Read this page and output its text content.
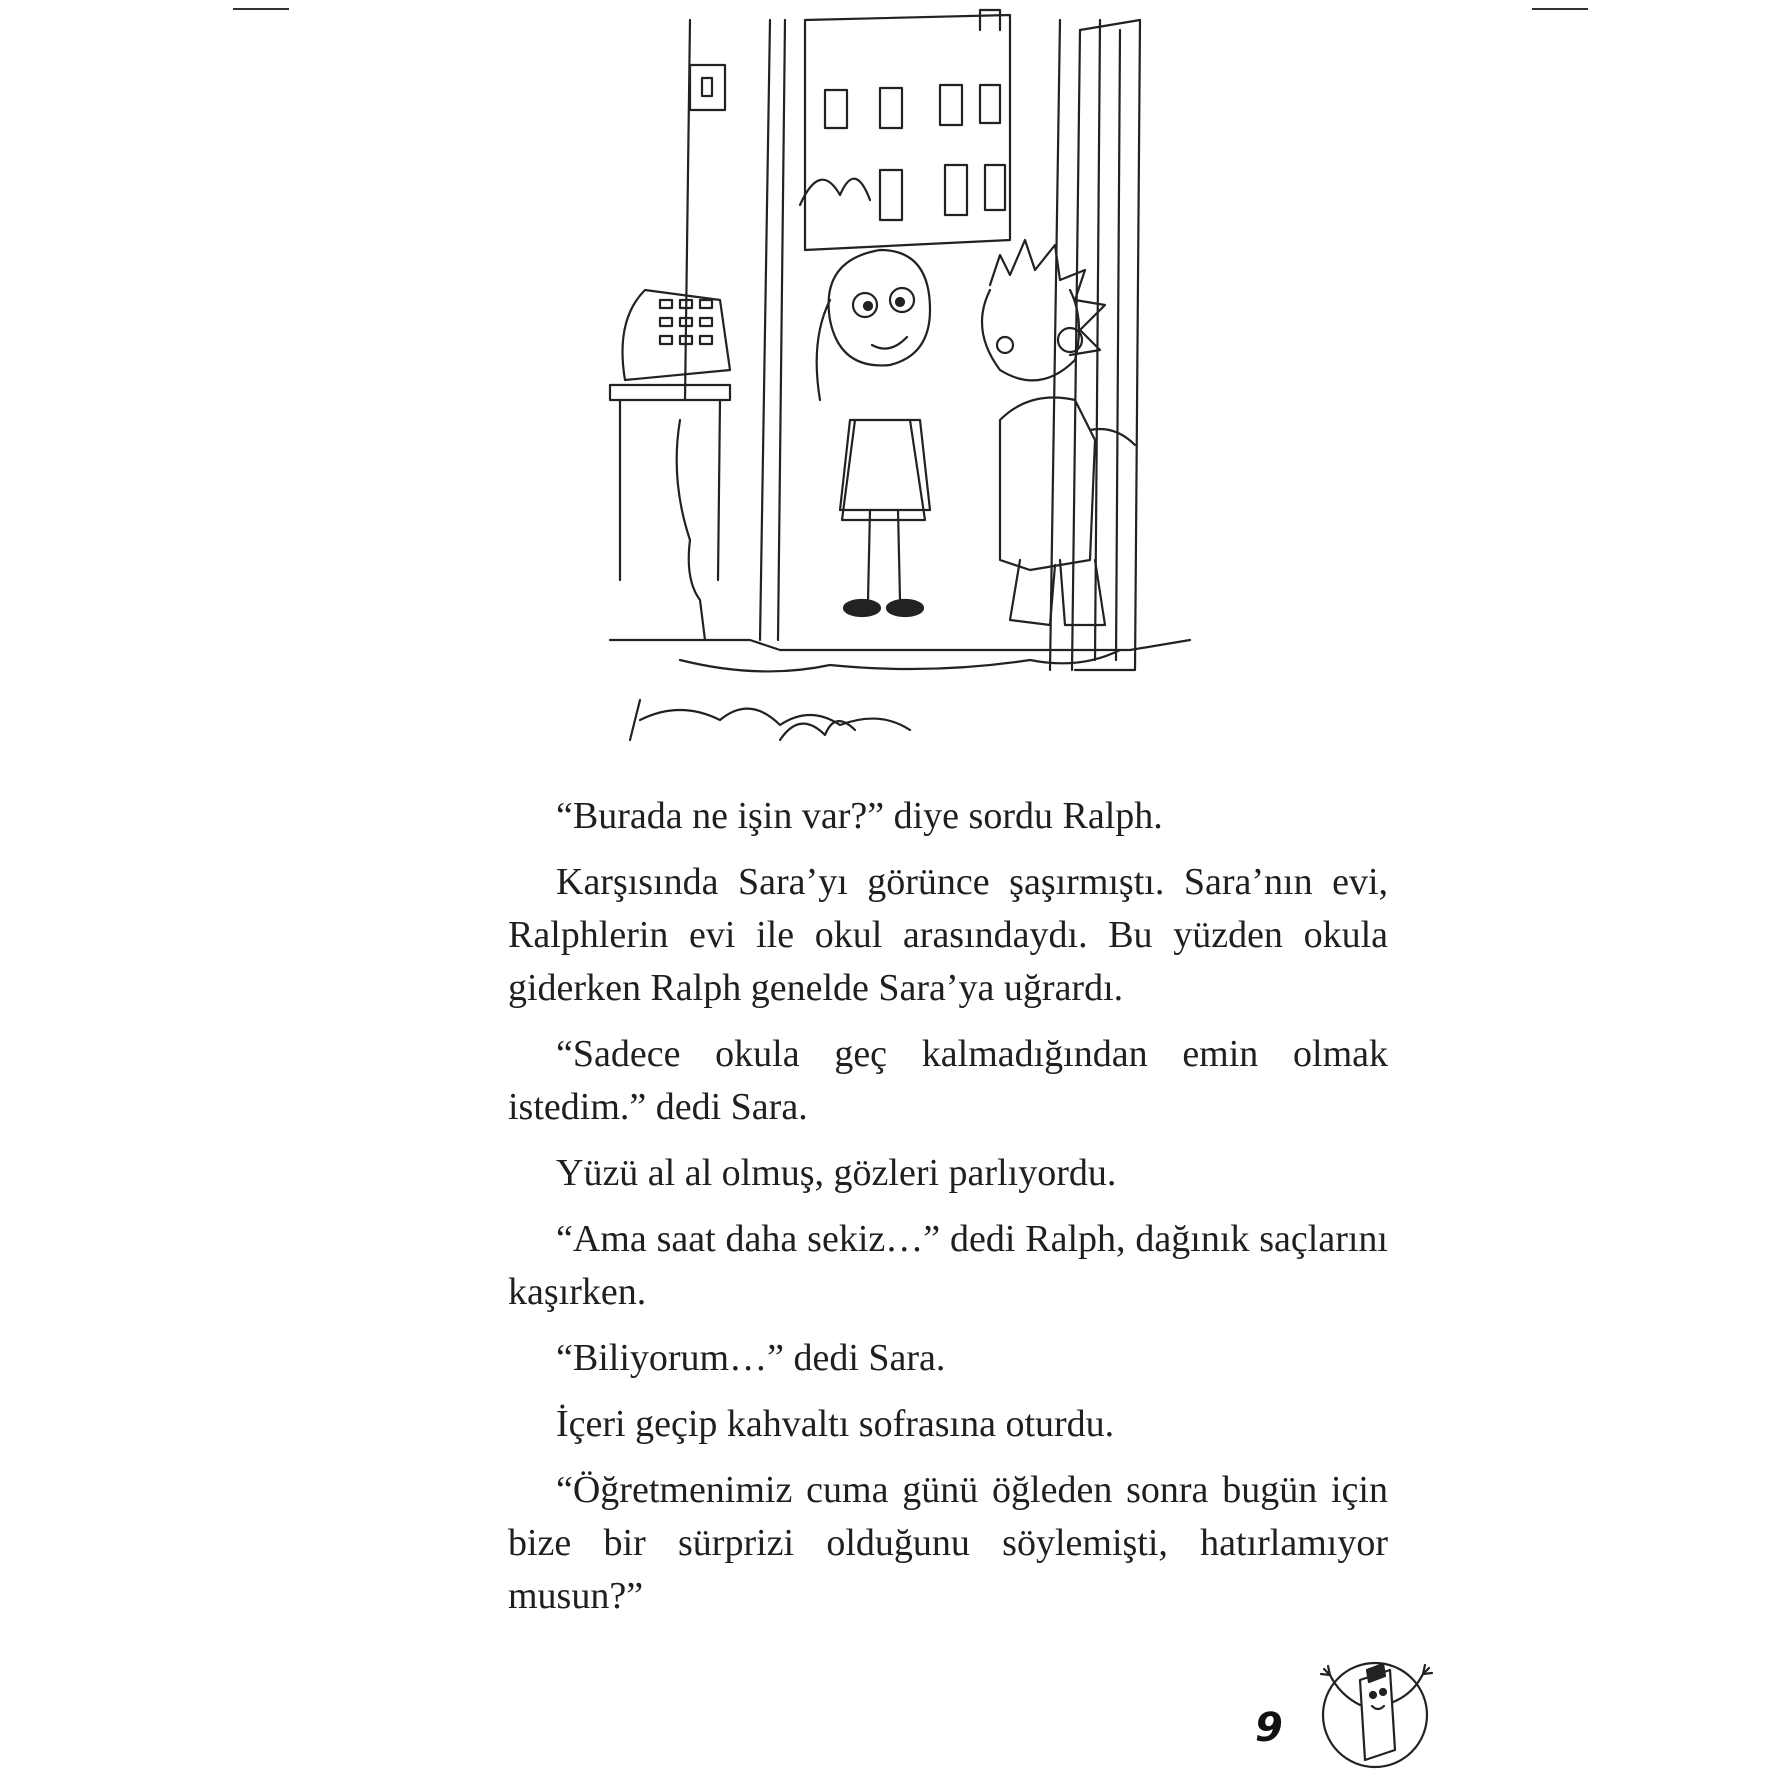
“Burada ne işin var?” diye sordu Ralph.

Karşısında Sara’yı görünce şaşırmıştı. Sara’nın evi, Ralphlerin evi ile okul arasındaydı. Bu yüzden okula giderken Ralph genelde Sara’ya uğrardı.

“Sadece okula geç kalmadığından emin olmak istedim.” dedi Sara.

Yüzü al al olmuş, gözleri parlıyordu.

“Ama saat daha sekiz…” dedi Ralph, dağınık saçlarını kaşırken.

“Biliyorum…” dedi Sara.

İçeri geçip kahvaltı sofrasına oturdu.

“Öğretmenimiz cuma günü öğleden sonra bugün için bize bir sürprizi olduğunu söylemişti, hatırlamıyor musun?”

9
